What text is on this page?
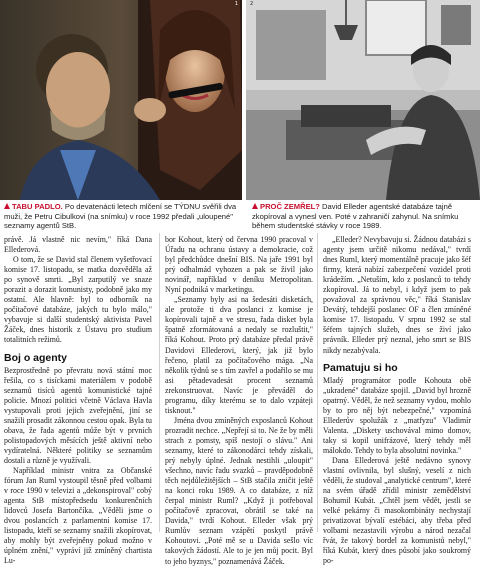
1 2
TABU PADLO. Po devatenácti letech mlčení se TÝDNU svěřili dva muži, že Petru Cibulkovi (na snímku) v roce 1992 předali „uloupené" seznamy agentů StB.
PROČ ZEMŘEL? David Elleder agentské databáze tajně zkopíroval a vynesl ven. Poté v zahraničí zahynul. Na snímku během studentské stávky v roce 1989.

právě. Já vlastně nic nevím," říká Dana Ellederová.

O tom, že se David stal členem vyšetřovací komise 17. listopadu, se matka dozvěděla až po synově smrti. „Byl zarputilý ve snaze porazit a dorazit komunisty, podobně jako my ostatní. Ale hlavně: byl to odborník na počítačové databáze, jakých tu bylo málo," vybavuje si další studentský aktivista Pavel Žáček, dnes historik z Ústavu pro studium totalitních režimů.

Boj o agenty

Bezprostředně po převratu nová státní moc řešila, co s tisíckami materiálem v podobě seznamů tisíců agentů komunistické tajné policie. Mnozí politici včetně Václava Havla vystupovali proti jejich zveřejnění, jiní se snažili prosadit zákonnou cestou opak. Byla tu obava, že řada agentů může být v prvních polistopadových měsících ještě aktivní nebo vydíratelná. Některé politiky se seznamům dostali a různě je využívali.

Například ministr vnitra za Občanské fórum Jan Ruml vystoupil těsně před volbami v roce 1990 v televizi a „dekonspiroval" cobý agenta StB místopředsedu konkurenčních lidovců Josefa Bartončíka. „Věděli jsme o dvou poslancích z parlamentní komise 17. listopadu, kteří se seznamy snažili zkopírovat, aby mohly být zveřejněny pokud možno v úplném znění," vypráví již zmíněný chartista Lu-

bor Kohout, který od června 1990 pracoval v Úřadu na ochranu ústavy a demokracie, což byl předchůdce dnešní BIS. Na jaře 1991 byl prý odhalmád vyhozen a pak se živil jako novinář, například v deníku Metropolitan. Nyní podniká v marketingu.

„Seznamy byly asi na šedesáti disketách, ale protože ti dva poslanci z komise je kopírovali tajně a ve stresu, řada disket byla špatně zformátovaná a nedaly se rozluštit," říká Kohout. Proto prý databáze předal právě Davidovi Ellederovi, který, jak již bylo řečeno, platil za počítačového mága. „Na několik týdnů se s tím zavřel a podařilo se mu asi pětadevadesát procent seznamů zrekonstruovat. Navíc je převáděl do programu, díky kterému se to dalo vzpáteji tisknout."

Jména dvou zmíněných exposlanců Kohout prozradit nechce. „Nepřejí si to. Ne že by měli strach z pomsty, spíš nestojí o slávu." Ani seznamy, které to zákonodárci tehdy získali, prý nebyly úplné. Jednak nestihli „uloupit" všechno, navíc řadu svazků – pravděpodobně těch nejdůležitějších – StB stačila zničit ještě na konci roku 1989. A co databáze, z níž čerpal ministr Ruml? „Když ji potřeboval počítačově zpracovat, obrátil se také na Davida," tvrdí Kohout. Elleder však prý Rumlův seznam vzápětí poskytl právě Kohoutovi. „Poté mě se u Davida sešlo víc takových žádostí. Ale to je jen můj pocit. Byl to jeho byznys," poznamenává Žáček.

„Elleder? Nevybavuju si. Žádnou databázi s agenty jsem určitě nikomu nedával," tvrdí dnes Ruml, který momentálně pracuje jako šéf firmy, která nabízí zabezpečení vozidel proti krádežím. „Netuším, kdo z poslanců to tehdy zkopíroval. Já to nebyl, i když jsem to pak považoval za správnou věc," říká Stanislav Devátý, tehdejší poslanec OF a člen zmíněné komise 17. listopadu. V srpnu 1992 se stal šéfem tajných služeb, dnes se živí jako právník. Elleder prý neznal, jeho smrt se BIS nikdy nezabývala.

Pamatuju si ho

Mladý programátor podle Kohouta obě „ukradené" databáze spojil. „David byl hrozně opatrný. Věděl, že než seznamy vydou, mohlo by to pro něj být nebezpečné," vzpomíná Ellederův spolužák z „matfyzu" Vladimír Valenta. „Diskety uschovával mimo domov, taky si kopil unifrázové, který tehdy měl málokdo. Tehdy to byla absolutní novinka."

Dana Ellederová ještě nedávno synovy vlastní ovlivnila, byl slušný, veselí z nich věděli, že studoval „analytické centrum", které na svém úřadě zřídil ministr zemědělství Bohumil Kubát. „Chtěl jsem vědět, jestli se velké pekárny či masokombináty nechystají privatizovat bývalí estébáci, aby třeba před volbami nezastavili výrobu a národ nezačal řvát, že takový bordel za komunistů nebyl," říká Kubát, který dnes působí jako soukromý po-
